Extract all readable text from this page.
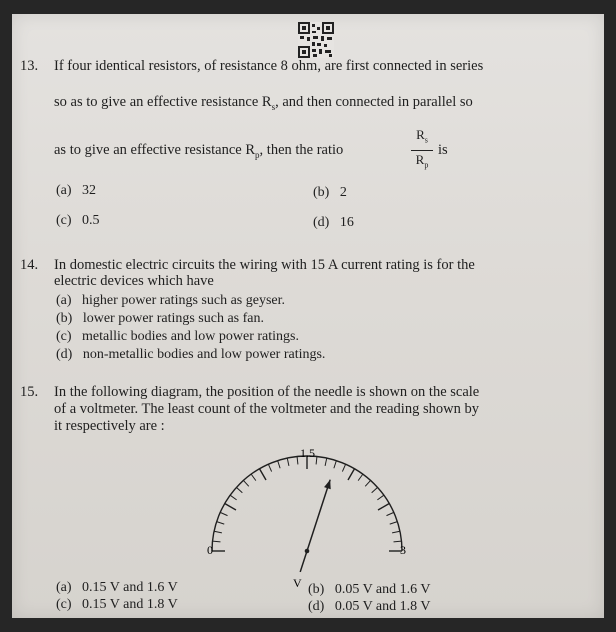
13. If four identical resistors, of resistance 8 ohm, are first connected in series
so as to give an effective resistance $R_s$, and then connected in parallel so
as to give an effective resistance $R_p$, then the ratio
$R_s$
$R_p$
is
(a) 32	(b) 2
(c) 0.5	(d) 16
14. In domestic electric circuits the wiring with 15 A current rating is for the
electric devices which have
(a) higher power ratings such as geyser.
(b) lower power ratings such as fan.
(c) metallic bodies and low power ratings.
(d) non-metallic bodies and low power ratings.
15. In the following diagram, the position of the needle is shown on the scale
of a voltmeter. The least count of the voltmeter and the reading shown by
it respectively are :
1.5
0	3
V
(a) 0.15 V and 1.6 V	(b) 0.05 V and 1.6 V
(c) 0.15 V and 1.8 V	(d) 0.05 V and 1.8 V
